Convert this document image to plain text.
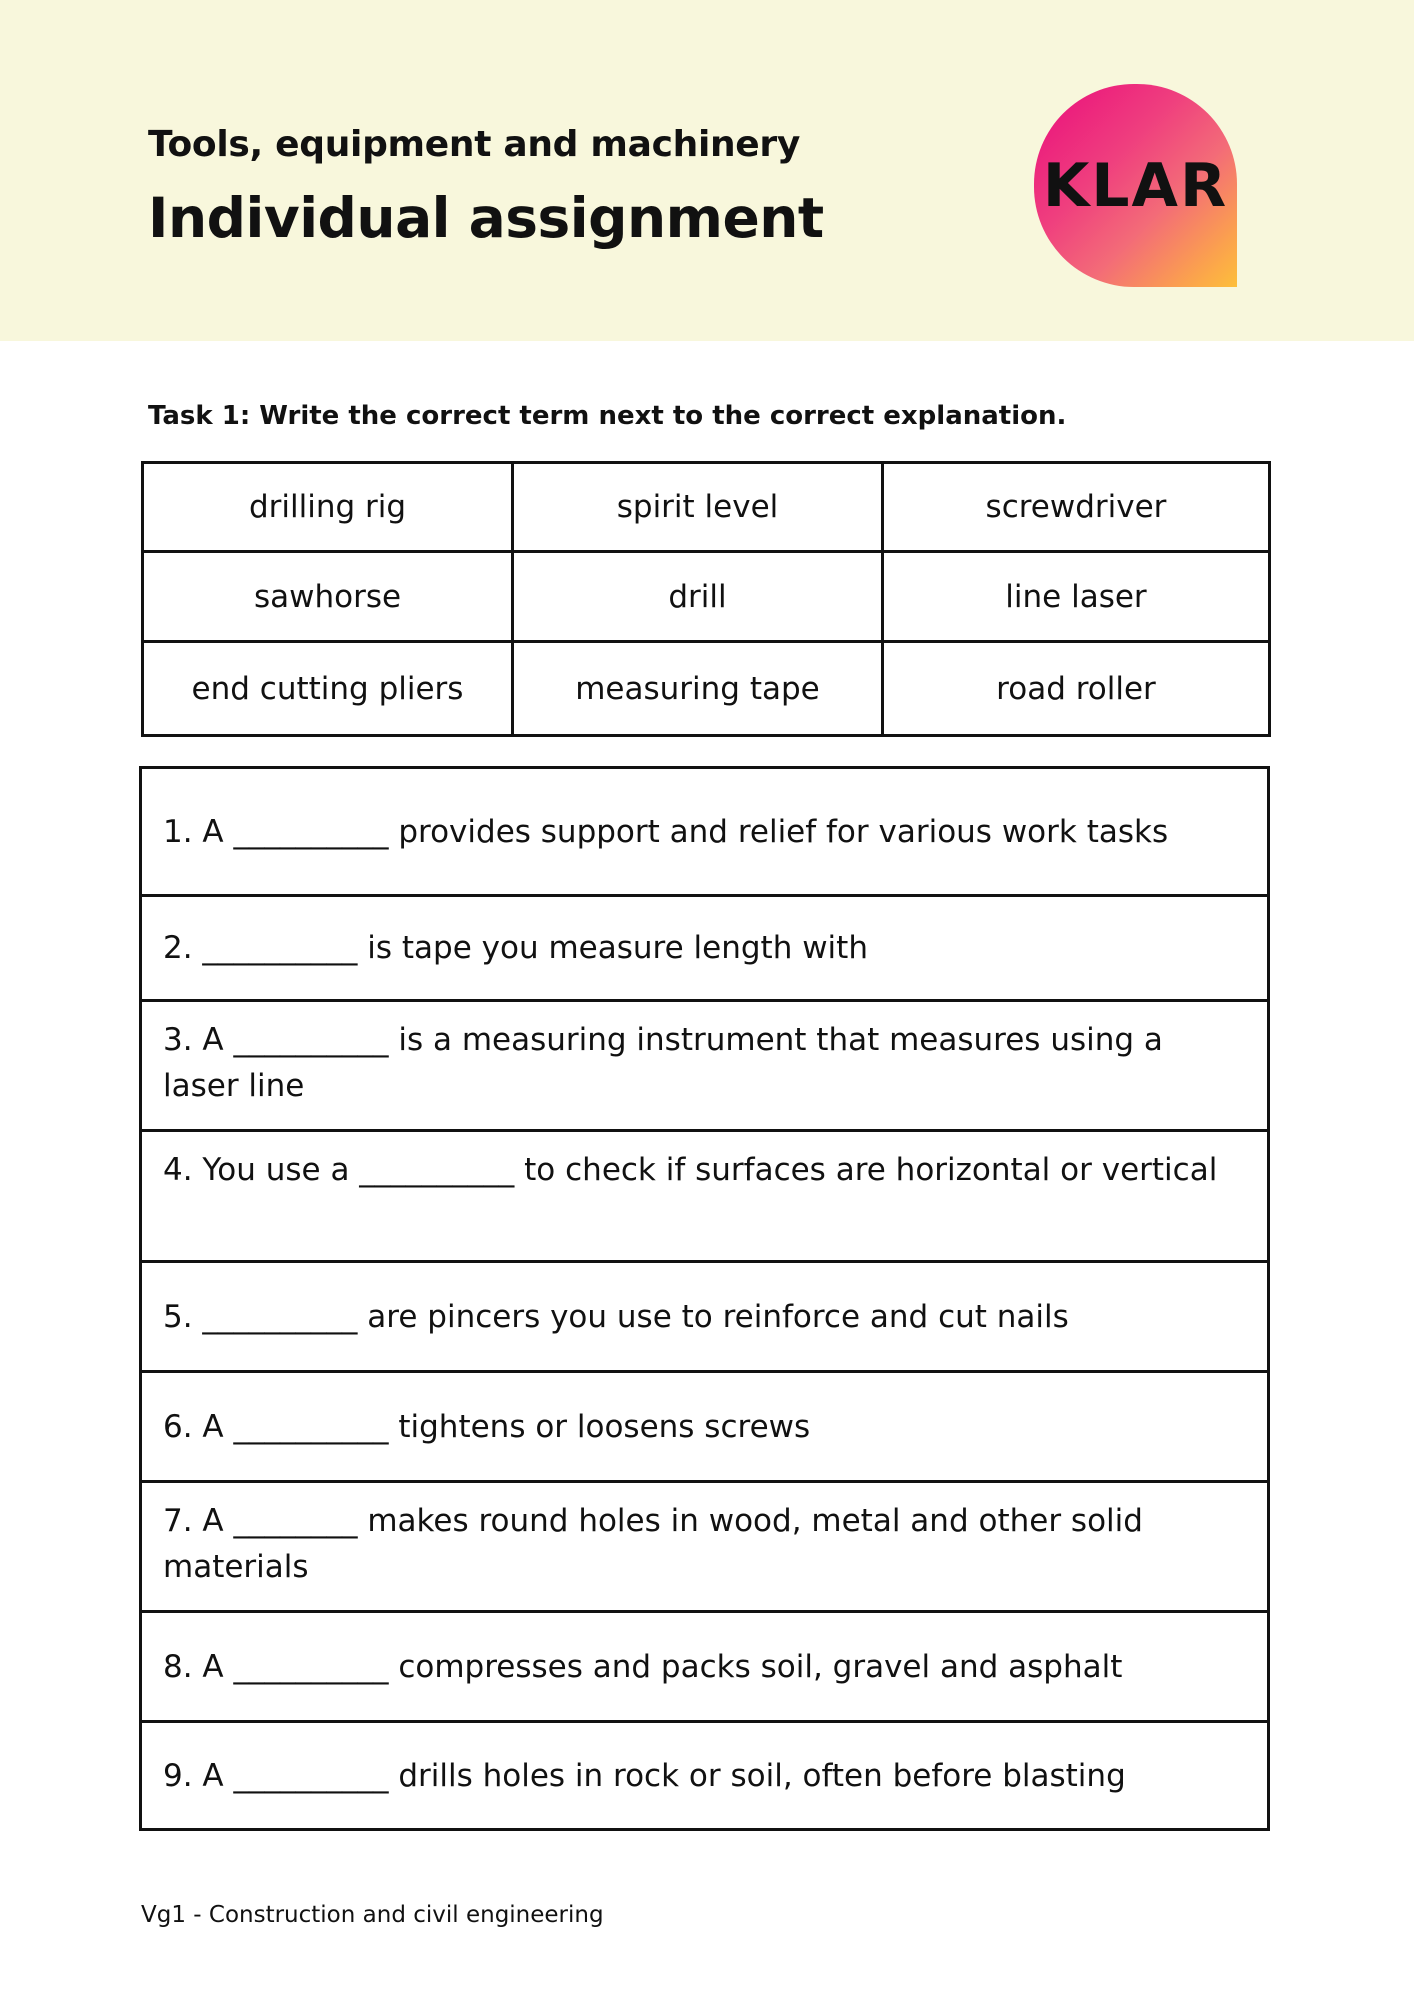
Tools, equipment and machinery
Individual assignment	KLAR
Task 1: Write the correct term next to the correct explanation.
drilling rig	spirit level	screwdriver
sawhorse	drill	line laser
end cutting pliers	measuring tape	road roller
1. A __________ provides support and relief for various work tasks
2. __________ is tape you measure length with
3. A __________ is a measuring instrument that measures using a laser line
4. You use a __________ to check if surfaces are horizontal or vertical
5. __________ are pincers you use to reinforce and cut nails
6. A __________ tightens or loosens screws
7. A ________ makes round holes in wood, metal and other solid materials
8. A __________ compresses and packs soil, gravel and asphalt
9. A __________ drills holes in rock or soil, often before blasting
Vg1 - Construction and civil engineering
